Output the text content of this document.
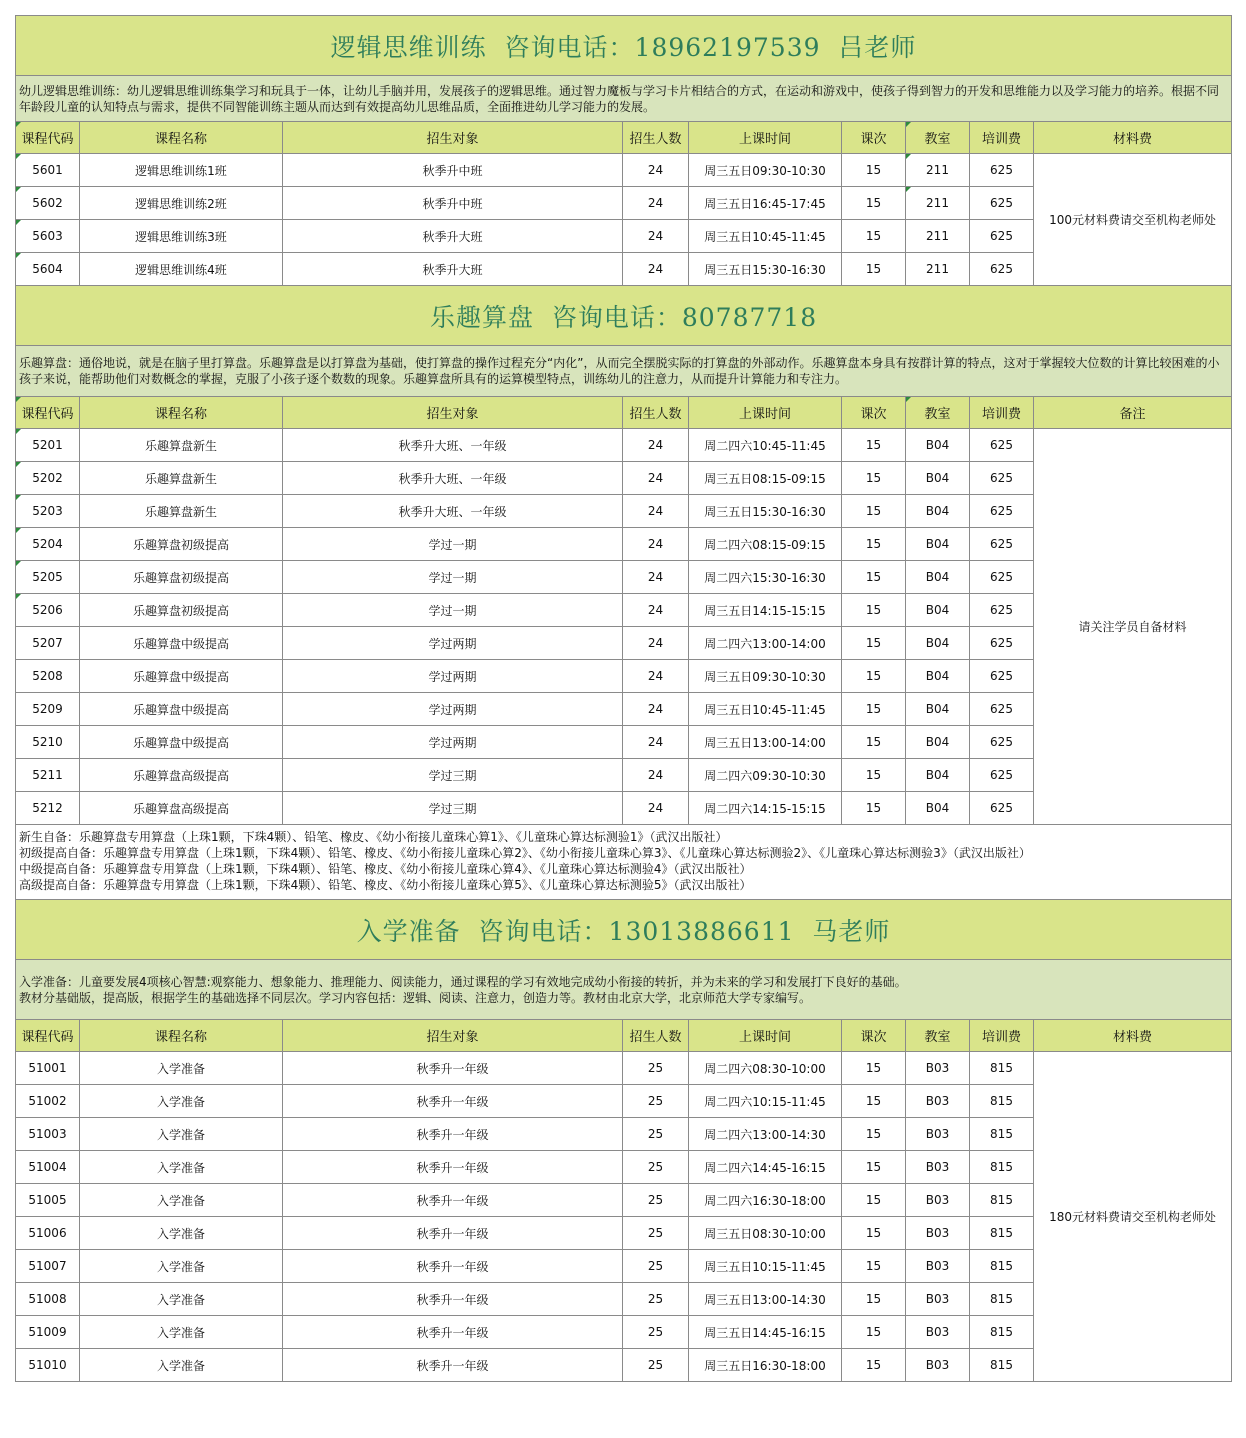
逻辑思维训练  咨询电话：18962197539  吕老师								

幼儿逻辑思维训练：幼儿逻辑思维训练集学习和玩具于一体，让幼儿手脑并用，发展孩子的逻辑思维。通过智力魔板与学习卡片相结合的方式，在运动和游戏中，使孩子得到智力的开发和思维能力以及学习能力的培养。根据不同年龄段儿童的认知特点与需求，提供不同智能训练主题从而达到有效提高幼儿思维品质，全面推进幼儿学习能力的发展。								

课程代码	课程名称	招生对象	招生人数	上课时间	课次	教室	培训费	材料费
5601	逻辑思维训练1班	秋季升中班	24	周三五日09:30-10:30	15	211	625	100元材料费请交至机构老师处
5602	逻辑思维训练2班	秋季升中班	24	周三五日16:45-17:45	15	211	625	
5603	逻辑思维训练3班	秋季升大班	24	周三五日10:45-11:45	15	211	625	
5604	逻辑思维训练4班	秋季升大班	24	周三五日15:30-16:30	15	211	625	
乐趣算盘  咨询电话：80787718								

乐趣算盘：通俗地说，就是在脑子里打算盘。乐趣算盘是以打算盘为基础，使打算盘的操作过程充分“内化”，从而完全摆脱实际的打算盘的外部动作。乐趣算盘本身具有按群计算的特点，这对于掌握较大位数的计算比较困难的小孩子来说，能帮助他们对数概念的掌握，克服了小孩子逐个数数的现象。乐趣算盘所具有的运算模型特点，训练幼儿的注意力，从而提升计算能力和专注力。								

课程代码	课程名称	招生对象	招生人数	上课时间	课次	教室	培训费	备注
5201	乐趣算盘新生	秋季升大班、一年级	24	周二四六10:45-11:45	15	B04	625	请关注学员自备材料
5202	乐趣算盘新生	秋季升大班、一年级	24	周三五日08:15-09:15	15	B04	625	
5203	乐趣算盘新生	秋季升大班、一年级	24	周三五日15:30-16:30	15	B04	625	
5204	乐趣算盘初级提高	学过一期	24	周二四六08:15-09:15	15	B04	625	
5205	乐趣算盘初级提高	学过一期	24	周二四六15:30-16:30	15	B04	625	
5206	乐趣算盘初级提高	学过一期	24	周三五日14:15-15:15	15	B04	625	
5207	乐趣算盘中级提高	学过两期	24	周二四六13:00-14:00	15	B04	625	
5208	乐趣算盘中级提高	学过两期	24	周三五日09:30-10:30	15	B04	625	
5209	乐趣算盘中级提高	学过两期	24	周三五日10:45-11:45	15	B04	625	
5210	乐趣算盘中级提高	学过两期	24	周三五日13:00-14:00	15	B04	625	
5211	乐趣算盘高级提高	学过三期	24	周二四六09:30-10:30	15	B04	625	
5212	乐趣算盘高级提高	学过三期	24	周二四六14:15-15:15	15	B04	625	

新生自备：乐趣算盘专用算盘（上珠1颗，下珠4颗）、铅笔、橡皮、《幼小衔接儿童珠心算1》、《儿童珠心算达标测验1》（武汉出版社）
初级提高自备：乐趣算盘专用算盘（上珠1颗，下珠4颗）、铅笔、橡皮、《幼小衔接儿童珠心算2》、《幼小衔接儿童珠心算3》、《儿童珠心算达标测验2》、《儿童珠心算达标测验3》（武汉出版社）
中级提高自备：乐趣算盘专用算盘（上珠1颗，下珠4颗）、铅笔、橡皮、《幼小衔接儿童珠心算4》、《儿童珠心算达标测验4》（武汉出版社）
高级提高自备：乐趣算盘专用算盘（上珠1颗，下珠4颗）、铅笔、橡皮、《幼小衔接儿童珠心算5》、《儿童珠心算达标测验5》（武汉出版社）								

入学准备  咨询电话：13013886611  马老师								

入学准备：儿童要发展4项核心智慧:观察能力、想象能力、推理能力、阅读能力，通过课程的学习有效地完成幼小衔接的转折，并为未来的学习和发展打下良好的基础。
教材分基础版，提高版，根据学生的基础选择不同层次。学习内容包括：逻辑、阅读、注意力，创造力等。教材由北京大学，北京师范大学专家编写。								

课程代码	课程名称	招生对象	招生人数	上课时间	课次	教室	培训费	材料费
51001	入学准备	秋季升一年级	25	周二四六08:30-10:00	15	B03	815	180元材料费请交至机构老师处
51002	入学准备	秋季升一年级	25	周二四六10:15-11:45	15	B03	815	
51003	入学准备	秋季升一年级	25	周二四六13:00-14:30	15	B03	815	
51004	入学准备	秋季升一年级	25	周二四六14:45-16:15	15	B03	815	
51005	入学准备	秋季升一年级	25	周二四六16:30-18:00	15	B03	815	
51006	入学准备	秋季升一年级	25	周三五日08:30-10:00	15	B03	815	
51007	入学准备	秋季升一年级	25	周三五日10:15-11:45	15	B03	815	
51008	入学准备	秋季升一年级	25	周三五日13:00-14:30	15	B03	815	
51009	入学准备	秋季升一年级	25	周三五日14:45-16:15	15	B03	815	
51010	入学准备	秋季升一年级	25	周三五日16:30-18:00	15	B03	815	
